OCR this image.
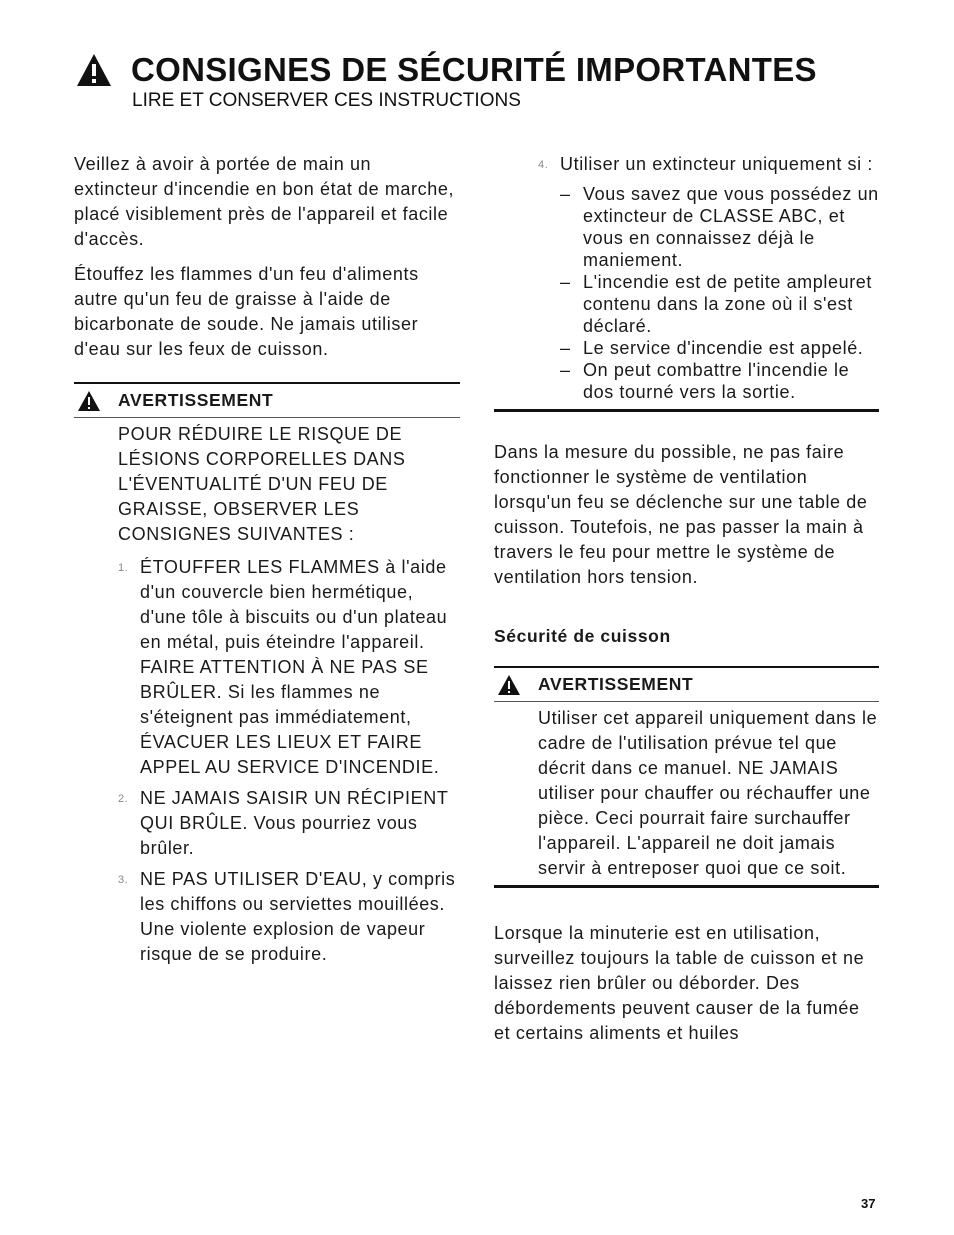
CONSIGNES DE SÉCURITÉ IMPORTANTES
LIRE ET CONSERVER CES INSTRUCTIONS

Veillez à avoir à portée de main un extincteur d'incendie en bon état de marche, placé visiblement près de l'appareil et facile d'accès.

Étouffez les flammes d'un feu d'aliments autre qu'un feu de graisse à l'aide de bicarbonate de soude. Ne jamais utiliser d'eau sur les feux de cuisson.

AVERTISSEMENT

POUR RÉDUIRE LE RISQUE DE LÉSIONS CORPORELLES DANS L'ÉVENTUALITÉ D'UN FEU DE GRAISSE, OBSERVER LES CONSIGNES SUIVANTES :

1. ÉTOUFFER LES FLAMMES à l'aide d'un couvercle bien hermétique, d'une tôle à biscuits ou d'un plateau en métal, puis éteindre l'appareil. FAIRE ATTENTION À NE PAS SE BRÛLER. Si les flammes ne s'éteignent pas immédiatement, ÉVACUER LES LIEUX ET FAIRE APPEL AU SERVICE D'INCENDIE.
2. NE JAMAIS SAISIR UN RÉCIPIENT QUI BRÛLE. Vous pourriez vous brûler.
3. NE PAS UTILISER D'EAU, y compris les chiffons ou serviettes mouillées. Une violente explosion de vapeur risque de se produire.
4. Utiliser un extincteur uniquement si :
– Vous savez que vous possédez un extincteur de CLASSE ABC, et vous en connaissez déjà le maniement.
– L'incendie est de petite ampleuret contenu dans la zone où il s'est déclaré.
– Le service d'incendie est appelé.
– On peut combattre l'incendie le dos tourné vers la sortie.

Dans la mesure du possible, ne pas faire fonctionner le système de ventilation lorsqu'un feu se déclenche sur une table de cuisson. Toutefois, ne pas passer la main à travers le feu pour mettre le système de ventilation hors tension.

Sécurité de cuisson
AVERTISSEMENT

Utiliser cet appareil uniquement dans le cadre de l'utilisation prévue tel que décrit dans ce manuel. NE JAMAIS utiliser pour chauffer ou réchauffer une pièce. Ceci pourrait faire surchauffer l'appareil. L'appareil ne doit jamais servir à entreposer quoi que ce soit.

Lorsque la minuterie est en utilisation, surveillez toujours la table de cuisson et ne laissez rien brûler ou déborder. Des débordements peuvent causer de la fumée et certains aliments et huiles

37
